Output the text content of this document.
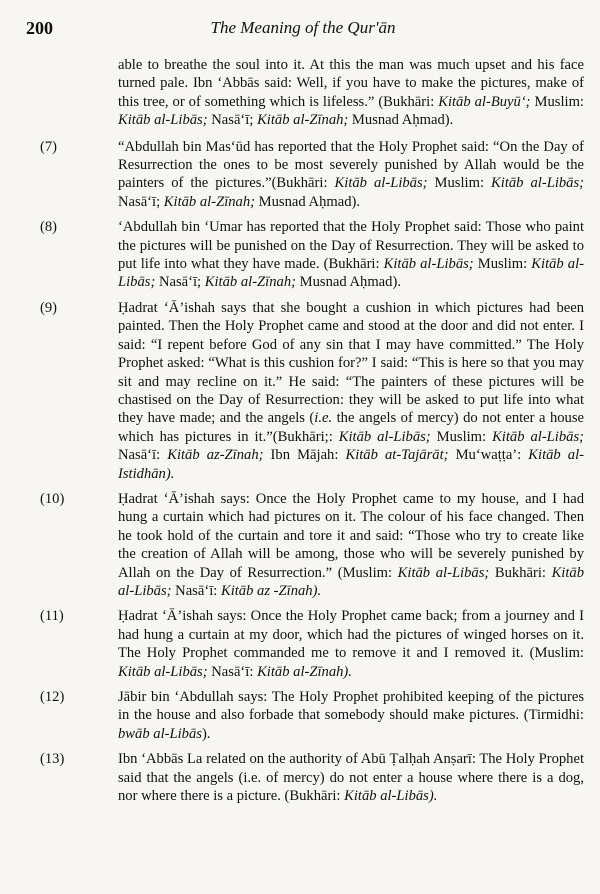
200	The Meaning of the Qur'ān
able to breathe the soul into it. At this the man was much upset and his face turned pale. Ibn ‘Abbās said: Well, if you have to make the pictures, make of this tree, or of something which is lifeless.” (Bukhāri: Kitāb al-Buyū‘; Muslim: Kitāb al-Libās; Nasā‘ī; Kitāb al-Zīnah; Musnad Aḥmad).
(7)	“Abdullah bin Mas‘ūd has reported that the Holy Prophet said: “On the Day of Resurrection the ones to be most severely punished by Allah would be the painters of the pictures.”(Bukhāri: Kitāb al-Libās; Muslim: Kitāb al-Libās; Nasā‘ī; Kitāb al-Zīnah; Musnad Aḥmad).
(8)	‘Abdullah bin ‘Umar has reported that the Holy Prophet said: Those who paint the pictures will be punished on the Day of Resurrection. They will be asked to put life into what they have made. (Bukhāri: Kitāb al-Libās; Muslim: Kitāb al-Libās; Nasā‘ī; Kitāb al-Zīnah; Musnad Aḥmad).
(9)	Ḥadrat ‘Ā’ishah says that she bought a cushion in which pictures had been painted. Then the Holy Prophet came and stood at the door and did not enter. I said: “I repent before God of any sin that I may have committed.” The Holy Prophet asked: “What is this cushion for?” I said: “This is here so that you may sit and may recline on it.” He said: “The painters of these pictures will be chastised on the Day of Resurrection: they will be asked to put life into what they have made; and the angels (i.e. the angels of mercy) do not enter a house which has pictures in it.”(Bukhāri;: Kitāb al-Libās; Muslim: Kitāb al-Libās; Nasā‘ī: Kitāb az-Zīnah; Ibn Mājah: Kitāb at-Tajārāt; Mu‘waṭṭa’: Kitāb al-Istidhān).
(10)	Ḥadrat ‘Ā’ishah says: Once the Holy Prophet came to my house, and I had hung a curtain which had pictures on it. The colour of his face changed. Then he took hold of the curtain and tore it and said: “Those who try to create like the creation of Allah will be among, those who will be severely punished by Allah on the Day of Resurrection.” (Muslim: Kitāb al-Libās; Bukhāri: Kitāb al-Libās; Nasā‘ī: Kitāb az -Zīnah).
(11)	Ḥadrat ‘Ā’ishah says: Once the Holy Prophet came back; from a journey and I had hung a curtain at my door, which had the pictures of winged horses on it. The Holy Prophet commanded me to remove it and I removed it. (Muslim: Kitāb al-Libās; Nasā‘ī: Kitāb al-Zīnah).
(12)	Jābir bin ‘Abdullah says: The Holy Prophet prohibited keeping of the pictures in the house and also forbade that somebody should make pictures. (Tirmidhi: bwāb al-Libās).
(13)	Ibn ‘Abbās La related on the authority of Abū Ṭalḥah Anṣarī: The Holy Prophet said that the angels (i.e. of mercy) do not enter a house where there is a dog, nor where there is a picture. (Bukhāri: Kitāb al-Libās).
